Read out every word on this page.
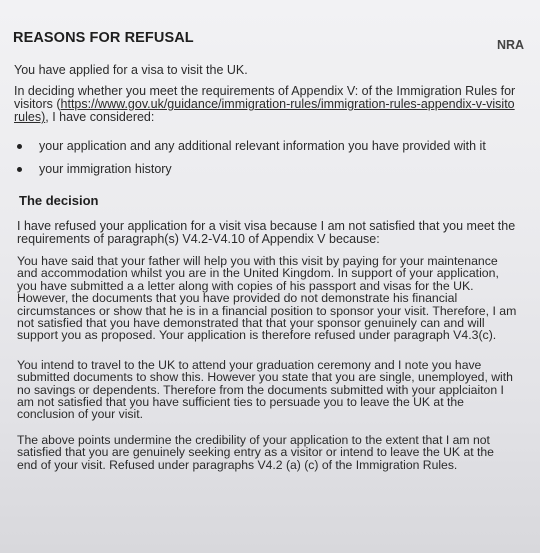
REASONS FOR REFUSAL	NRA
You have applied for a visa to visit the UK.
In deciding whether you meet the requirements of Appendix V: of the Immigration Rules for
visitors (https://www.gov.uk/guidance/immigration-rules/immigration-rules-appendix-v-visito
rules), I have considered:
your application and any additional relevant information you have provided with it
your immigration history
The decision
I have refused your application for a visit visa because I am not satisfied that you meet the
requirements of paragraph(s) V4.2-V4.10 of Appendix V because:
You have said that your father will help you with this visit by paying for your maintenance
and accommodation whilst you are in the United Kingdom. In support of your application,
you have submitted a a letter along with copies of his passport and visas for the UK.
However, the documents that you have provided do not demonstrate his financial
circumstances or show that he is in a financial position to sponsor your visit. Therefore, I am
not satisfied that you have demonstrated that that your sponsor genuinely can and will
support you as proposed. Your application is therefore refused under paragraph V4.3(c).
You intend to travel to the UK to attend your graduation ceremony and I note you have
submitted documents to show this. However you state that you are single, unemployed, with
no savings or dependents. Therefore from the documents submitted with your applciaiton I
am not satisfied that you have sufficient ties to persuade you to leave the UK at the
conclusion of your visit.
The above points undermine the credibility of your application to the extent that I am not
satisfied that you are genuinely seeking entry as a visitor or intend to leave the UK at the
end of your visit. Refused under paragraphs V4.2 (a) (c) of the Immigration Rules.
